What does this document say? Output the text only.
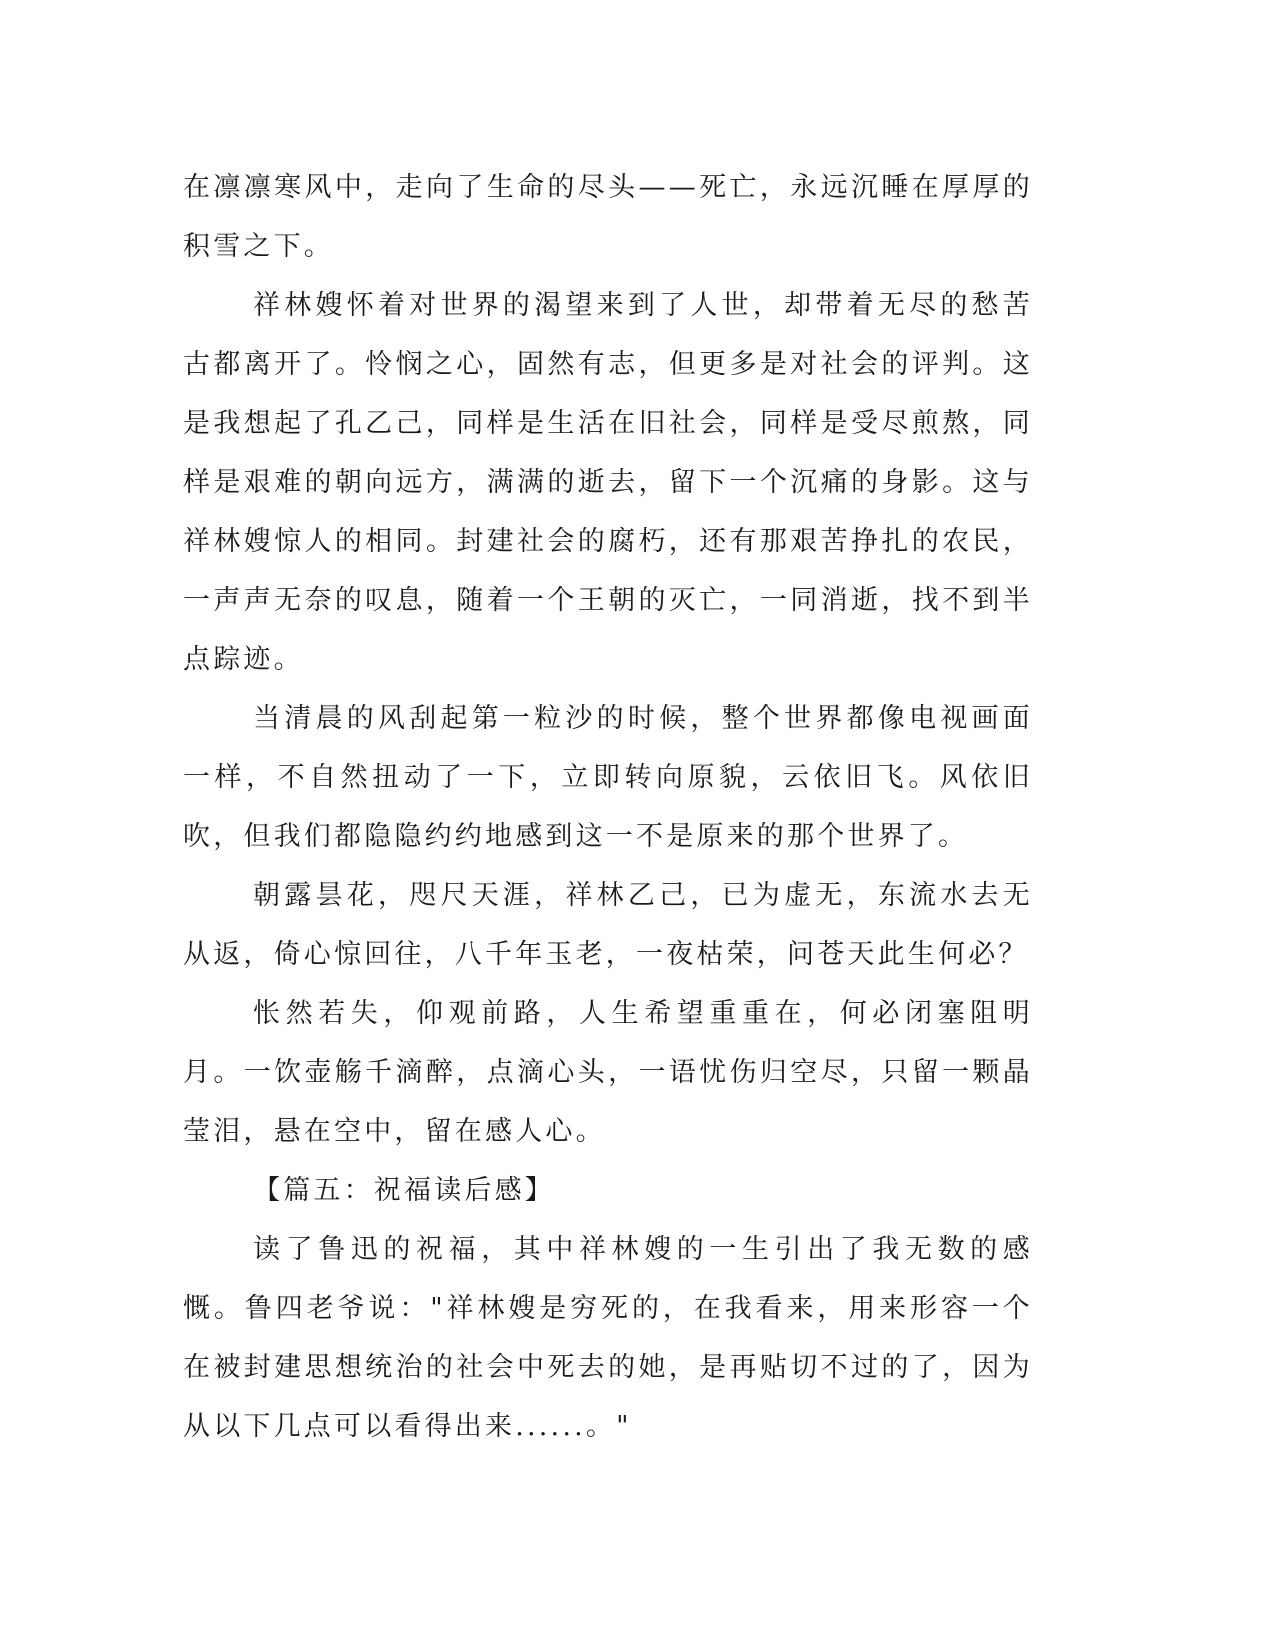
在凛凛寒风中，走向了生命的尽头——死亡，永远沉睡在厚厚的积雪之下。

祥林嫂怀着对世界的渴望来到了人世，却带着无尽的愁苦古都离开了。怜悯之心，固然有志，但更多是对社会的评判。这是我想起了孔乙己，同样是生活在旧社会，同样是受尽煎熬，同样是艰难的朝向远方，满满的逝去，留下一个沉痛的身影。这与祥林嫂惊人的相同。封建社会的腐朽，还有那艰苦挣扎的农民，一声声无奈的叹息，随着一个王朝的灭亡，一同消逝，找不到半点踪迹。

当清晨的风刮起第一粒沙的时候，整个世界都像电视画面一样，不自然扭动了一下，立即转向原貌，云依旧飞。风依旧吹，但我们都隐隐约约地感到这一不是原来的那个世界了。

朝露昙花，咫尺天涯，祥林乙己，已为虚无，东流水去无从返，倚心惊回往，八千年玉老，一夜枯荣，问苍天此生何必？

怅然若失，仰观前路，人生希望重重在，何必闭塞阻明月。一饮壶觞千滴醉，点滴心头，一语忧伤归空尽，只留一颗晶莹泪，悬在空中，留在感人心。

【篇五：祝福读后感】

读了鲁迅的祝福，其中祥林嫂的一生引出了我无数的感慨。鲁四老爷说："祥林嫂是穷死的，在我看来，用来形容一个在被封建思想统治的社会中死去的她，是再贴切不过的了，因为从以下几点可以看得出来......。"
